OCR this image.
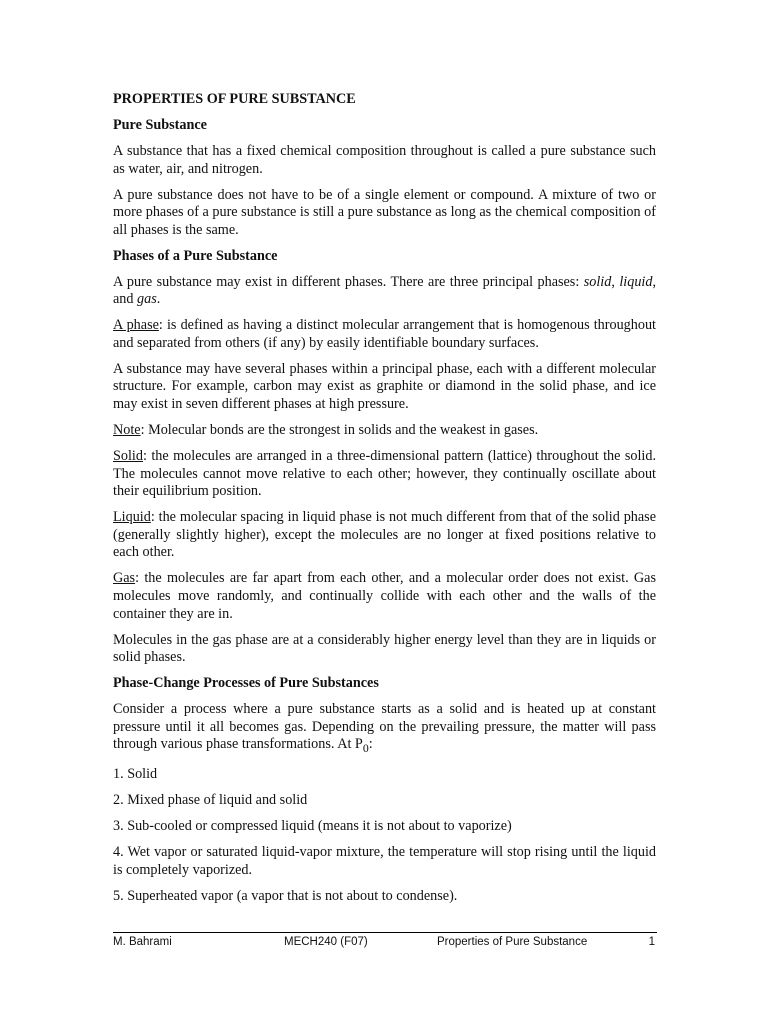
PROPERTIES OF PURE SUBSTANCE

Pure Substance

A substance that has a fixed chemical composition throughout is called a pure substance such as water, air, and nitrogen.

A pure substance does not have to be of a single element or compound. A mixture of two or more phases of a pure substance is still a pure substance as long as the chemical composition of all phases is the same.

Phases of a Pure Substance

A pure substance may exist in different phases. There are three principal phases: solid, liquid, and gas.

A phase: is defined as having a distinct molecular arrangement that is homogenous throughout and separated from others (if any) by easily identifiable boundary surfaces.

A substance may have several phases within a principal phase, each with a different molecular structure. For example, carbon may exist as graphite or diamond in the solid phase, and ice may exist in seven different phases at high pressure.

Note: Molecular bonds are the strongest in solids and the weakest in gases.

Solid: the molecules are arranged in a three-dimensional pattern (lattice) throughout the solid. The molecules cannot move relative to each other; however, they continually oscillate about their equilibrium position.

Liquid: the molecular spacing in liquid phase is not much different from that of the solid phase (generally slightly higher), except the molecules are no longer at fixed positions relative to each other.

Gas: the molecules are far apart from each other, and a molecular order does not exist. Gas molecules move randomly, and continually collide with each other and the walls of the container they are in.

Molecules in the gas phase are at a considerably higher energy level than they are in liquids or solid phases.

Phase-Change Processes of Pure Substances

Consider a process where a pure substance starts as a solid and is heated up at constant pressure until it all becomes gas. Depending on the prevailing pressure, the matter will pass through various phase transformations. At $P_0$:

1. Solid

2. Mixed phase of liquid and solid

3. Sub-cooled or compressed liquid (means it is not about to vaporize)

4. Wet vapor or saturated liquid-vapor mixture, the temperature will stop rising until the liquid is completely vaporized.

5. Superheated vapor (a vapor that is not about to condense).

M. Bahrami	MECH240 (F07)	Properties of Pure Substance	1
